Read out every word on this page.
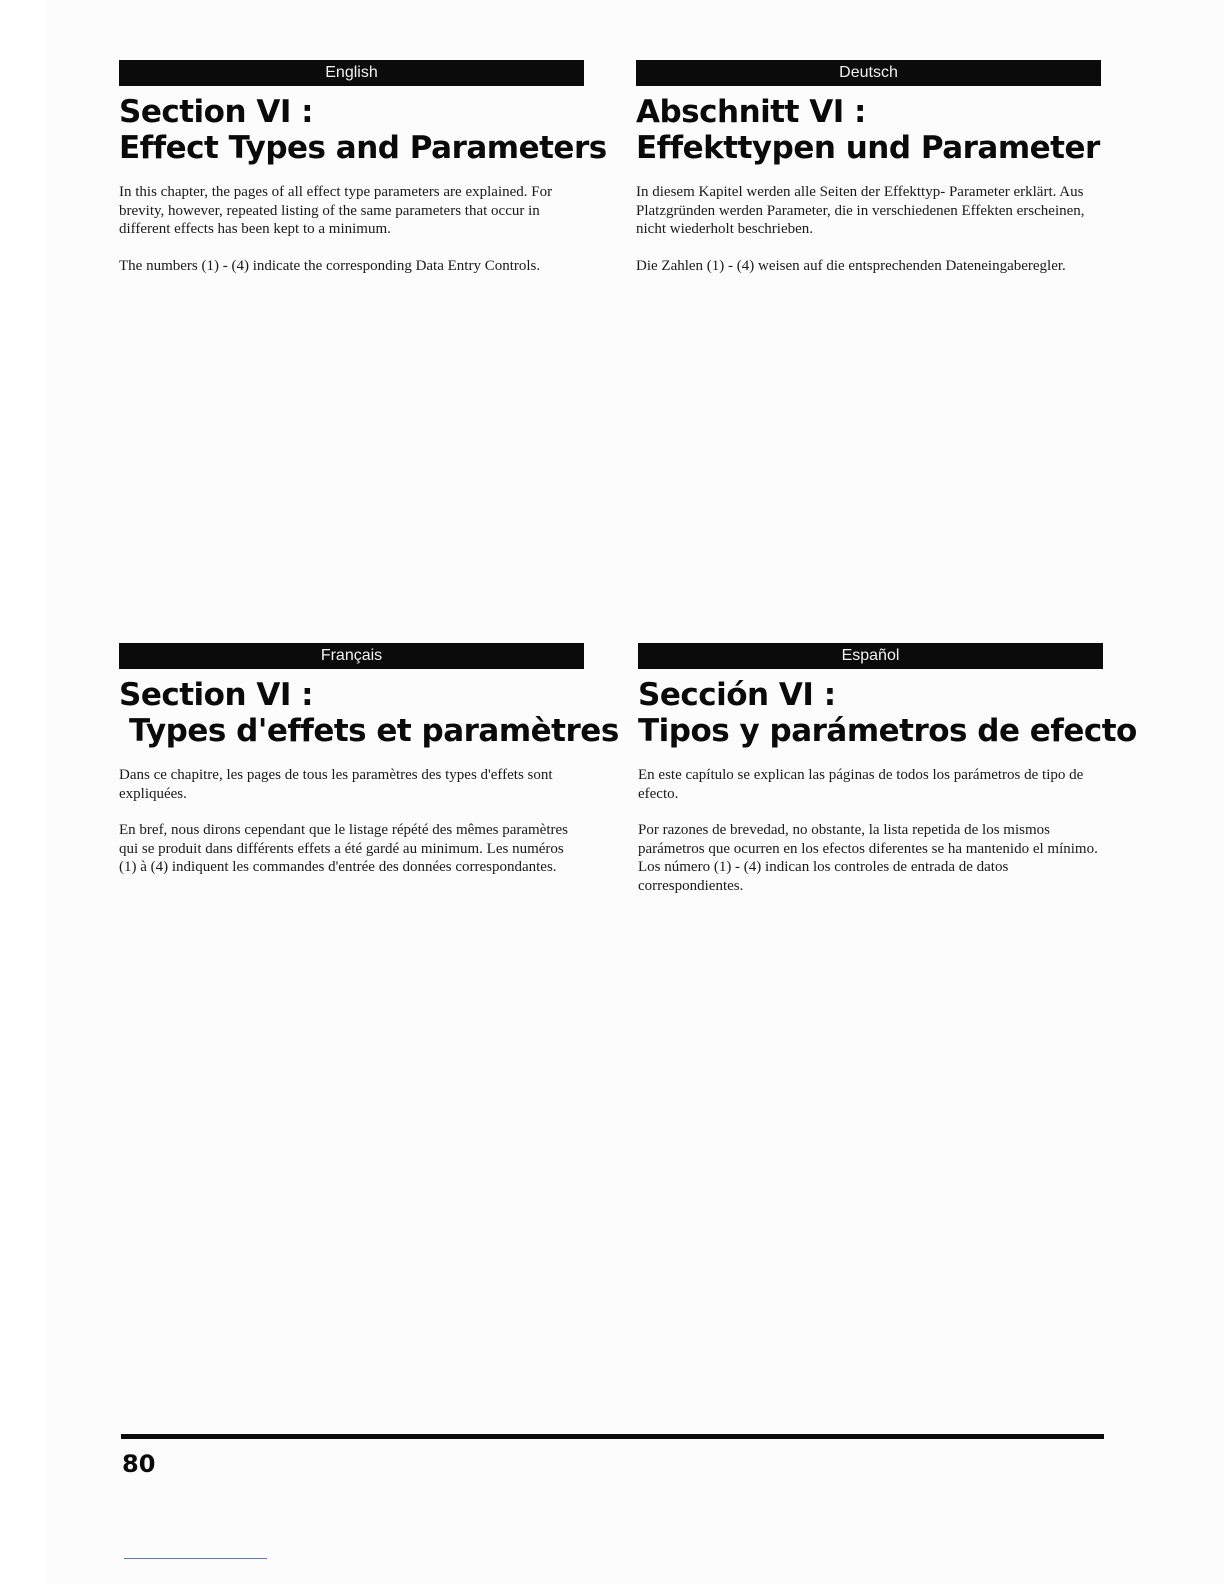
English
Section VI :
Effect Types and Parameters

In this chapter, the pages of all effect type parameters are explained. For brevity, however, repeated listing of the same parameters that occur in different effects has been kept to a minimum.

The numbers (1) - (4) indicate the corresponding Data Entry Controls.

Deutsch
Abschnitt VI :
Effekttypen und Parameter

In diesem Kapitel werden alle Seiten der Effekttyp- Parameter erklärt. Aus Platzgründen werden Parameter, die in verschiedenen Effekten erscheinen, nicht wiederholt beschrieben.

Die Zahlen (1) - (4) weisen auf die entsprechenden Dateneingaberegler.

Français
Section VI :
Types d'effets et paramètres

Dans ce chapitre, les pages de tous les paramètres des types d'effets sont expliquées.

En bref, nous dirons cependant que le listage répété des mêmes paramètres qui se produit dans différents effets a été gardé au minimum. Les numéros (1) à (4) indiquent les commandes d'entrée des données correspondantes.

Español
Sección VI :
Tipos y parámetros de efecto

En este capítulo se explican las páginas de todos los parámetros de tipo de efecto.

Por razones de brevedad, no obstante, la lista repetida de los mismos parámetros que ocurren en los efectos diferentes se ha mantenido el mínimo. Los número (1) - (4) indican los controles de entrada de datos correspondientes.

80
